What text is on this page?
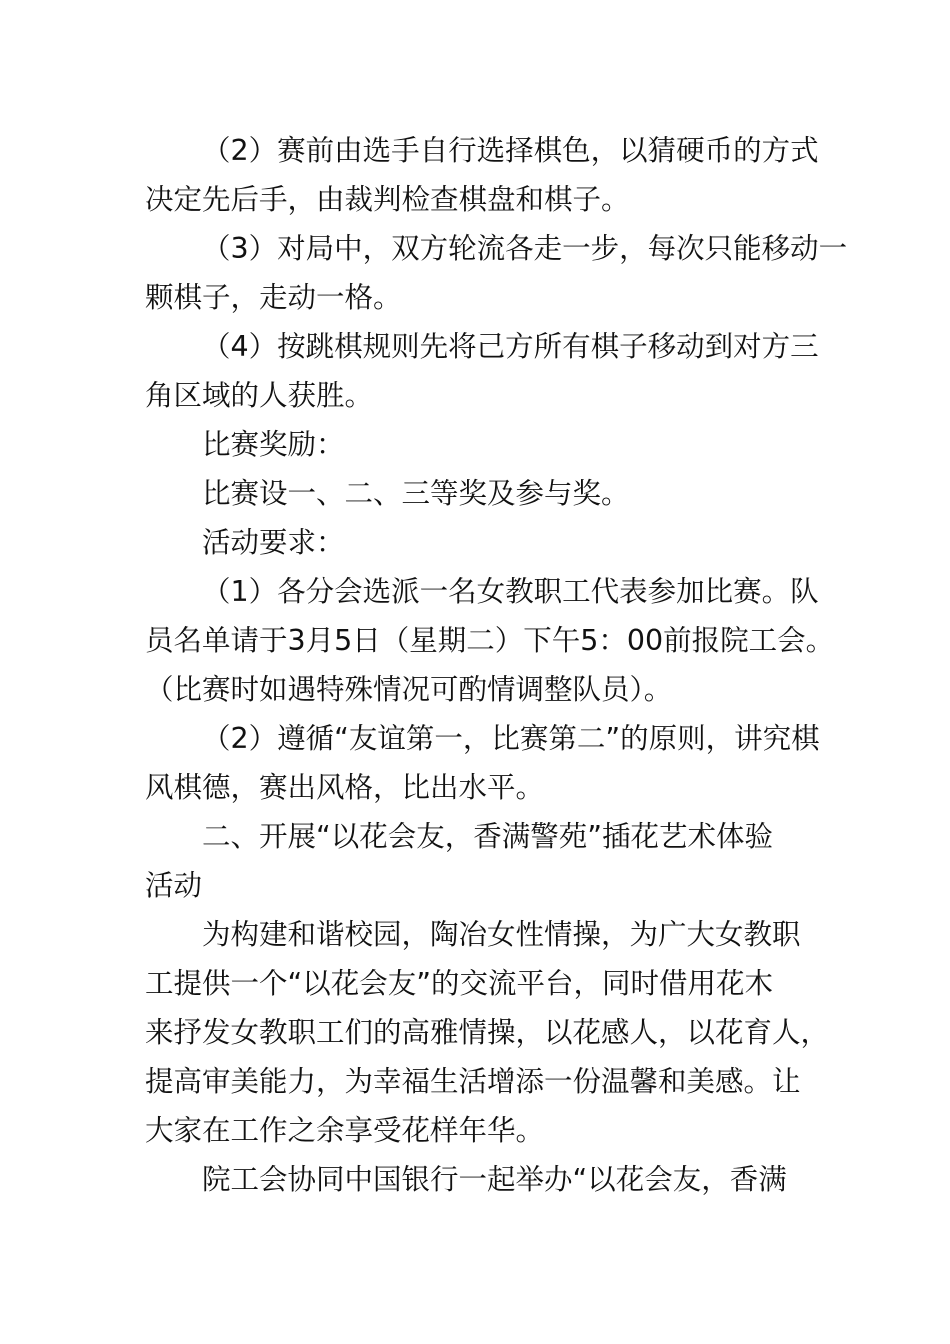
（2）赛前由选手自行选择棋色，以猜硬币的方式
决定先后手，由裁判检查棋盘和棋子。

（3）对局中，双方轮流各走一步，每次只能移动一
颗棋子，走动一格。

（4）按跳棋规则先将己方所有棋子移动到对方三
角区域的人获胜。

比赛奖励：

比赛设一、二、三等奖及参与奖。

活动要求：

（1）各分会选派一名女教职工代表参加比赛。队
员名单请于3月5日（星期二）下午5：00前报院工会。
（比赛时如遇特殊情况可酌情调整队员）。

（2）遵循“友谊第一，比赛第二”的原则，讲究棋
风棋德，赛出风格，比出水平。

二、开展“以花会友，香满警苑”插花艺术体验
活动

为构建和谐校园，陶冶女性情操，为广大女教职
工提供一个“以花会友”的交流平台，同时借用花木
来抒发女教职工们的高雅情操，以花感人，以花育人，
提高审美能力，为幸福生活增添一份温馨和美感。让
大家在工作之余享受花样年华。

院工会协同中国银行一起举办“以花会友，香满
